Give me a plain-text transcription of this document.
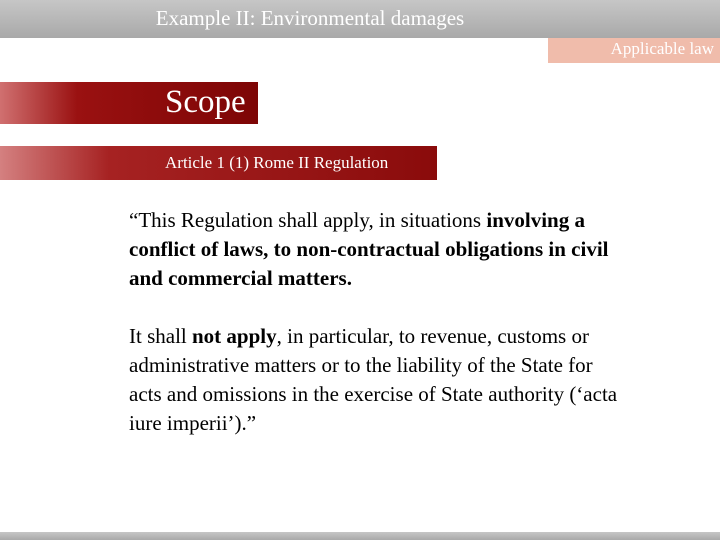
Example II: Environmental damages
Applicable law
Scope
Article 1 (1) Rome II Regulation
“This Regulation shall apply, in situations involving a conflict of laws, to non-contractual obligations in civil and commercial matters.
It shall not apply, in particular, to revenue, customs or administrative matters or to the liability of the State for acts and omissions in the exercise of State authority (‘acta iure imperii’).”
